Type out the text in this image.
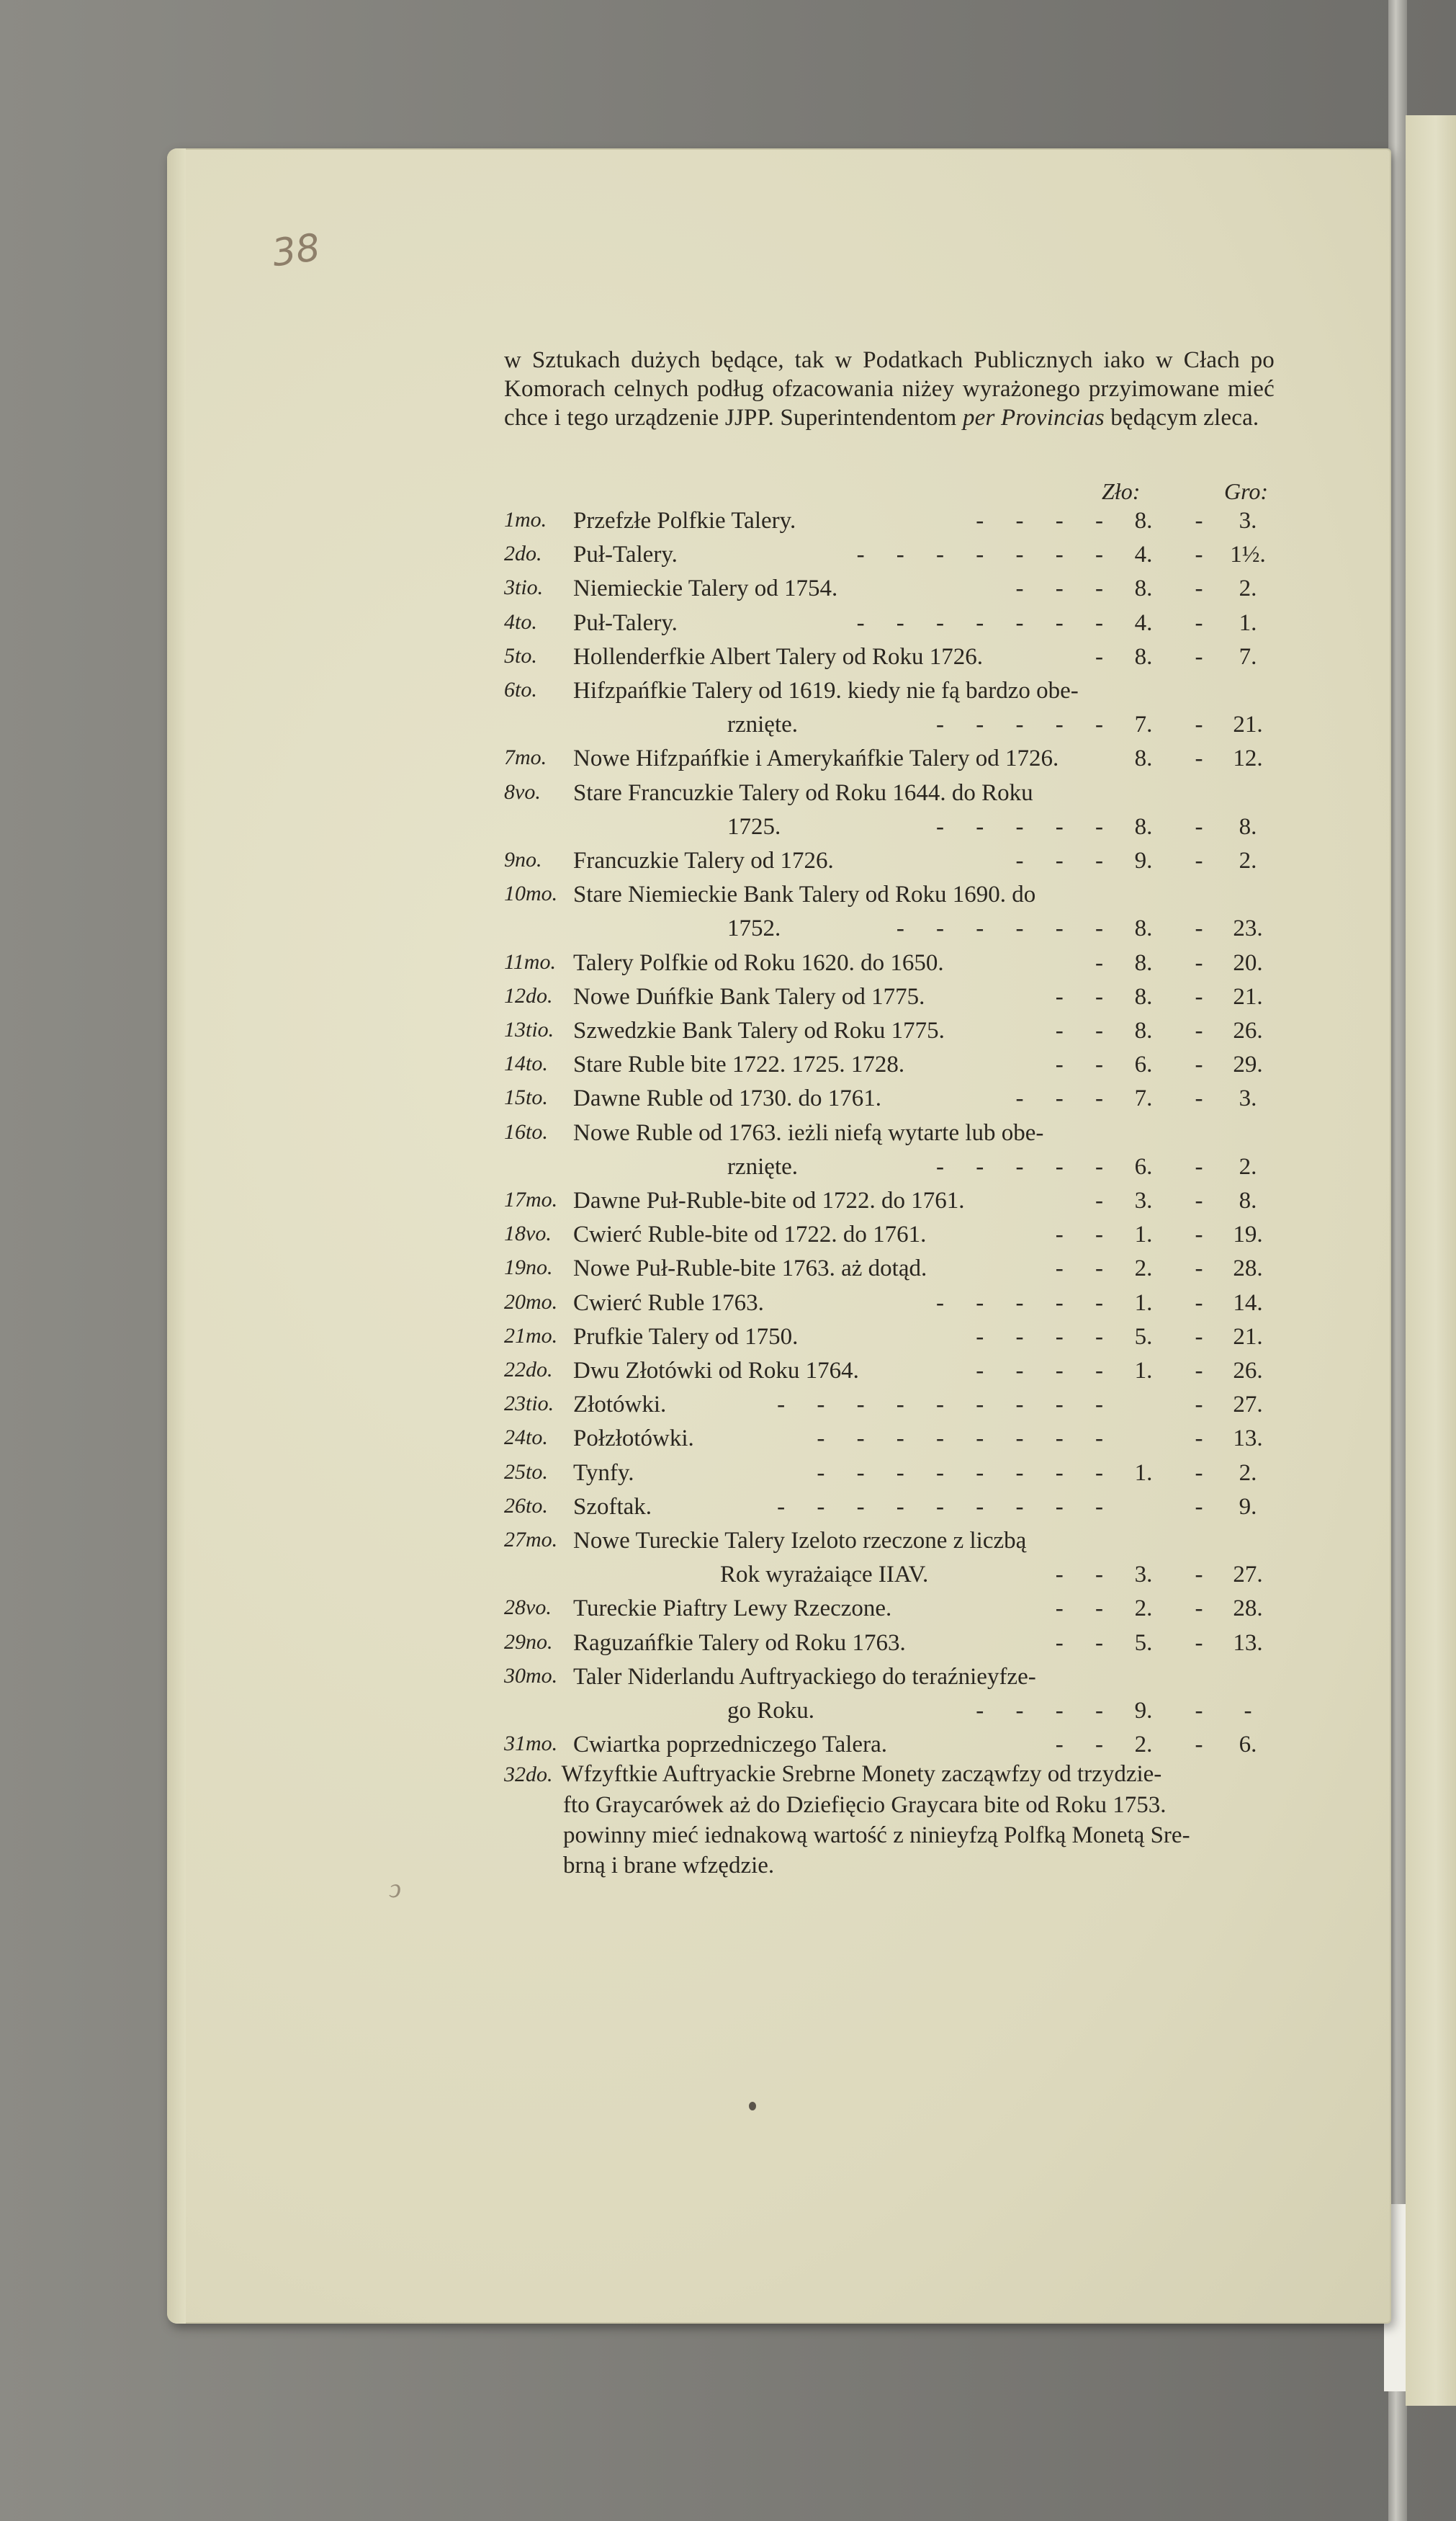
38
ↄ
w Sztukach dużych będące, tak w Podatkach Publicznych iako w Cłach po Komorach celnych podług ofzacowania niżey wyrażonego przyimowane mieć chce i tego urządzenie JJPP. Superintendentom per Provincias będącym zleca.
Zło:	Gro:
1mo.	Przefzłe Polfkie Talery.	- - - - 8. -	3.
2do.	Puł-Talery.	- - - - - - - 4. -	1½.
3tio.	Niemieckie Talery od 1754.	- - - 8. -	2.
4to.	Puł-Talery.	- - - - - - - 4. -	1.
5to.	Hollenderfkie Albert Talery od Roku 1726.	- 8. -	7.
6to.	Hifzpańfkie Talery od 1619. kiedy nie fą bardzo obe-
rznięte.	- - - - - 7. -	21.
7mo.	Nowe Hifzpańfkie i Amerykańfkie Talery od 1726.	8. -	12.
8vo.	Stare Francuzkie Talery od Roku 1644. do Roku
1725.	- - - - - 8. -	8.
9no.	Francuzkie Talery od 1726.	- - - 9. -	2.
10mo. Stare Niemieckie Bank Talery od Roku 1690. do
1752.	- - - - - - 8. -	23.
11mo. Talery Polfkie od Roku 1620. do 1650.	- 8. -	20.
12do. Nowe Duńfkie Bank Talery od 1775.	- - 8. -	21.
13tio. Szwedzkie Bank Talery od Roku 1775.	- - 8. -	26.
14to.	Stare Ruble bite 1722. 1725. 1728.	- - 6. -	29.
15to.	Dawne Ruble od 1730. do 1761.	- - - 7. -	3.
16to.	Nowe Ruble od 1763. ieżli niefą wytarte lub obe-
rznięte.	- - - - - 6. -	2.
17mo. Dawne Puł-Ruble-bite od 1722. do 1761.	- 3. -	8.
18vo. Cwierć Ruble-bite od 1722. do 1761.	- - 1. -	19.
19no. Nowe Puł-Ruble-bite 1763. aż dotąd.	- - 2. -	28.
20mo. Cwierć Ruble 1763.	- - - - - 1. -	14.
21mo. Prufkie Talery od 1750.	- - - - 5. -	21.
22do. Dwu Złotówki od Roku 1764.	- - - - 1. -	26.
23tio. Złotówki.	- - - - - - - - -	-	27.
24to.	Połzłotówki.	- - - - - - - -	-	13.
25to.	Tynfy.	- - - - - - - - 1. -	2.
26to.	Szoftak.	- - - - - - - - -	-	9.
27mo. Nowe Tureckie Talery Izeloto rzeczone z liczbą
Rok wyrażaiące IIAV.	- - 3. -	27.
28vo. Tureckie Piaftry Lewy Rzeczone.	- - 2. -	28.
29no. Raguzańfkie Talery od Roku 1763.	- - 5. -	13.
30mo. Taler Niderlandu Auftryackiego do teraźnieyfze-
go Roku.	- - - - 9. -	-
31mo. Cwiartka poprzedniczego Talera.	- - 2. -	6.
32do. Wfzyftkie Auftryackie Srebrne Monety zacząwfzy od trzydzie-
fto Graycarówek aż do Dziefięcio Graycara bite od Roku 1753.
powinny mieć iednakową wartość z ninieyfzą Polfką Monetą Sre-
brną i brane wfzędzie.
